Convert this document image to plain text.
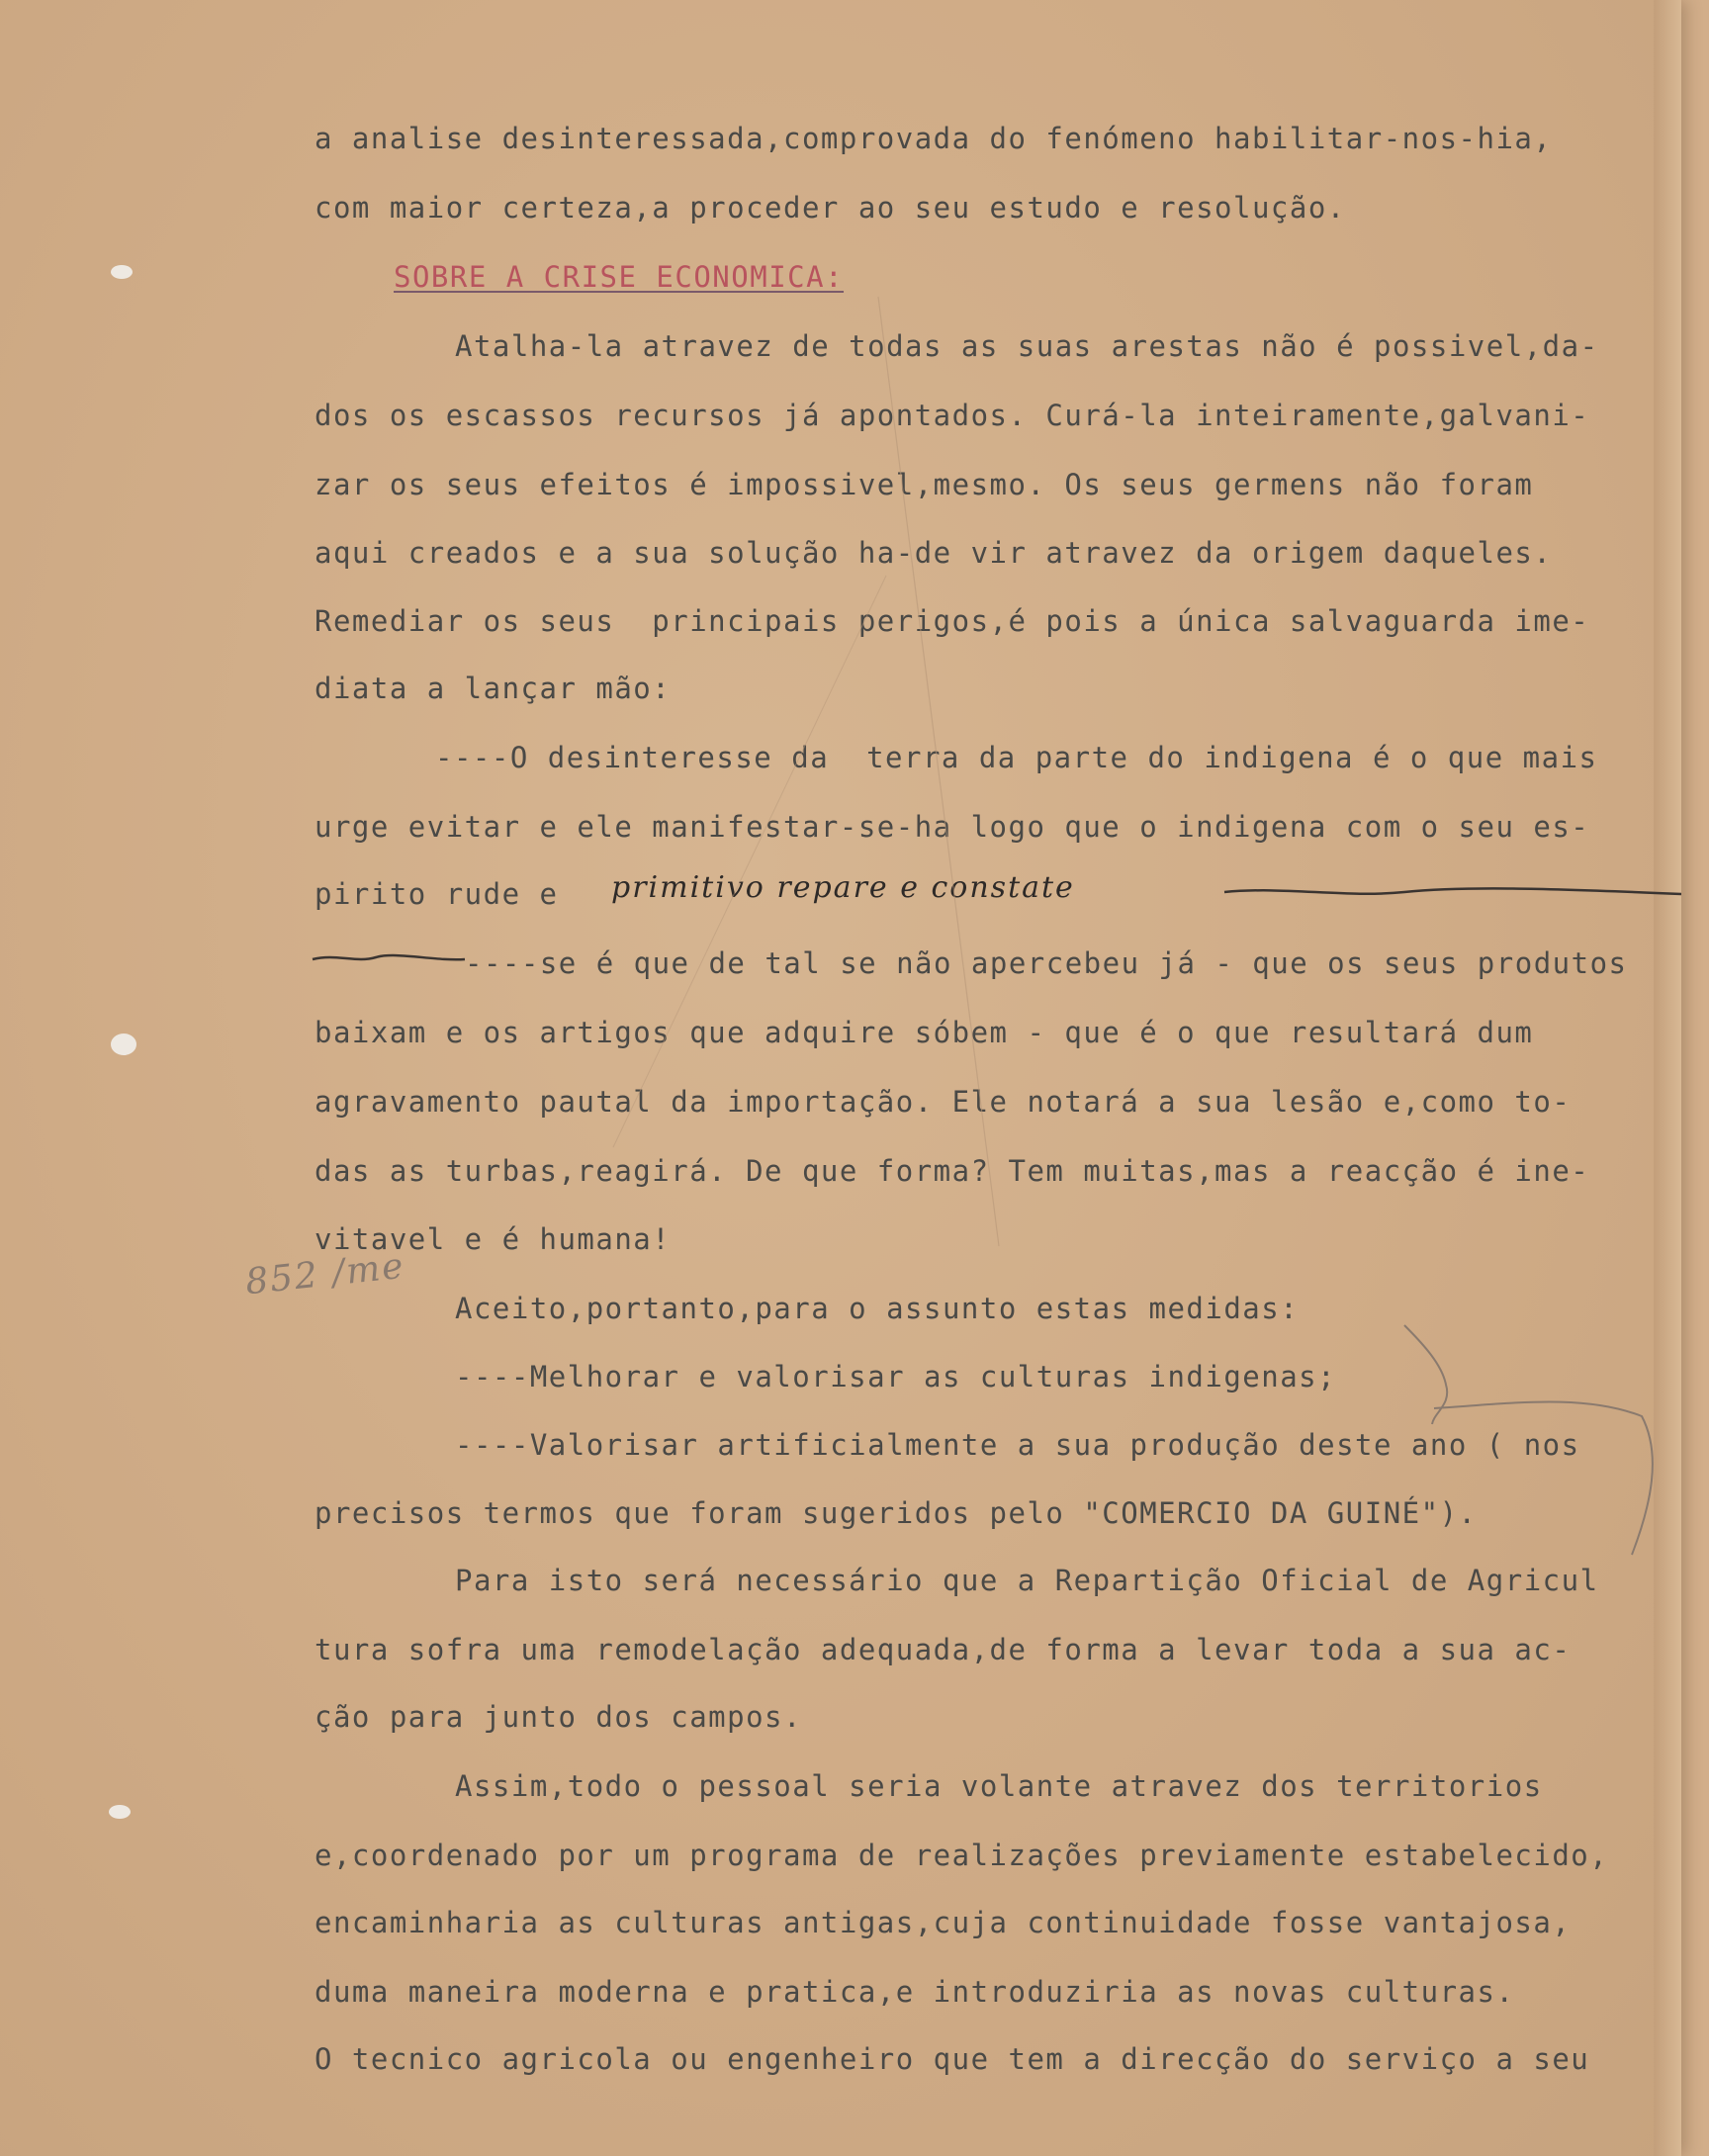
a analise desinteressada,comprovada do fenómeno habilitar-nos-hia,
com maior certeza,a proceder ao seu estudo e resolução.
SOBRE A CRISE ECONOMICA:
Atalha-la atravez de todas as suas arestas não é possivel,da-
dos os escassos recursos já apontados. Curá-la inteiramente,galvani-
zar os seus efeitos é impossivel,mesmo. Os seus germens não foram
aqui creados e a sua solução ha-de vir atravez da origem daqueles.
Remediar os seus  principais perigos,é pois a única salvaguarda ime-
diata a lançar mão:
----O desinteresse da  terra da parte do indigena é o que mais
urge evitar e ele manifestar-se-ha logo que o indigena com o seu es-
pirito rude e
----se é que de tal se não apercebeu já - que os seus produtos
baixam e os artigos que adquire sóbem - que é o que resultará dum
agravamento pautal da importação. Ele notará a sua lesão e,como to-
das as turbas,reagirá. De que forma? Tem muitas,mas a reacção é ine-
vitavel e é humana!
Aceito,portanto,para o assunto estas medidas:
----Melhorar e valorisar as culturas indigenas;
----Valorisar artificialmente a sua produção deste ano ( nos
precisos termos que foram sugeridos pelo "COMERCIO DA GUINÉ").
Para isto será necessário que a Repartição Oficial de Agricul
tura sofra uma remodelação adequada,de forma a levar toda a sua ac-
ção para junto dos campos.
Assim,todo o pessoal seria volante atravez dos territorios
e,coordenado por um programa de realizações previamente estabelecido,
encaminharia as culturas antigas,cuja continuidade fosse vantajosa,
duma maneira moderna e pratica,e introduziria as novas culturas.
O tecnico agricola ou engenheiro que tem a direcção do serviço a seu
primitivo repare e constate
852 /me
